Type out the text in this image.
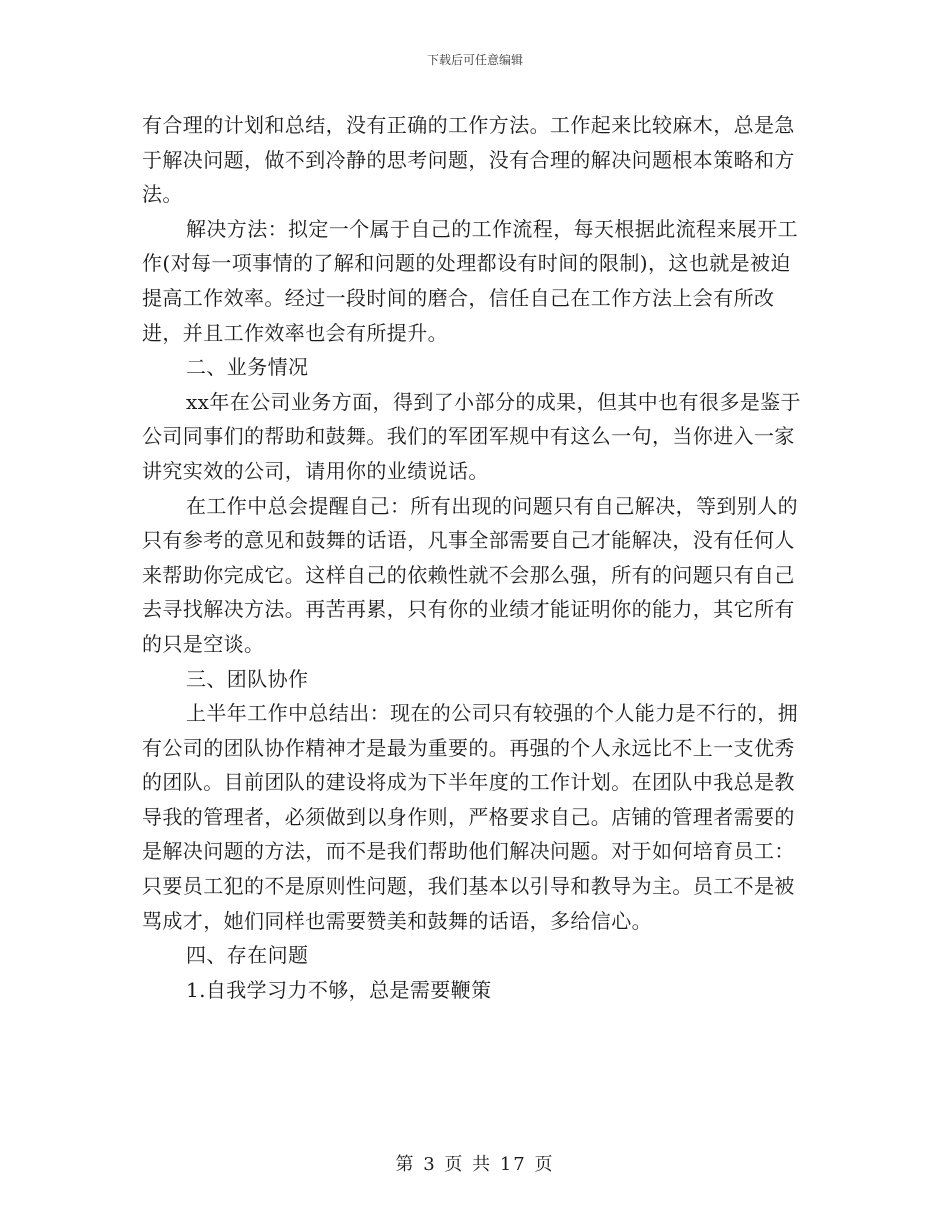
下载后可任意编辑

有合理的计划和总结，没有正确的工作方法。工作起来比较麻木，总是急于解决问题，做不到冷静的思考问题，没有合理的解决问题根本策略和方法。

解决方法：拟定一个属于自己的工作流程，每天根据此流程来展开工作(对每一项事情的了解和问题的处理都设有时间的限制)，这也就是被迫提高工作效率。经过一段时间的磨合，信任自己在工作方法上会有所改进，并且工作效率也会有所提升。

二、业务情况

xx年在公司业务方面，得到了小部分的成果，但其中也有很多是鉴于公司同事们的帮助和鼓舞。我们的军团军规中有这么一句，当你进入一家讲究实效的公司，请用你的业绩说话。

在工作中总会提醒自己：所有出现的问题只有自己解决，等到别人的只有参考的意见和鼓舞的话语，凡事全部需要自己才能解决，没有任何人来帮助你完成它。这样自己的依赖性就不会那么强，所有的问题只有自己去寻找解决方法。再苦再累，只有你的业绩才能证明你的能力，其它所有的只是空谈。

三、团队协作

上半年工作中总结出：现在的公司只有较强的个人能力是不行的，拥有公司的团队协作精神才是最为重要的。再强的个人永远比不上一支优秀的团队。目前团队的建设将成为下半年度的工作计划。在团队中我总是教导我的管理者，必须做到以身作则，严格要求自己。店铺的管理者需要的是解决问题的方法，而不是我们帮助他们解决问题。对于如何培育员工：只要员工犯的不是原则性问题，我们基本以引导和教导为主。员工不是被骂成才，她们同样也需要赞美和鼓舞的话语，多给信心。

四、存在问题

1.自我学习力不够，总是需要鞭策

第 3 页 共 17 页
